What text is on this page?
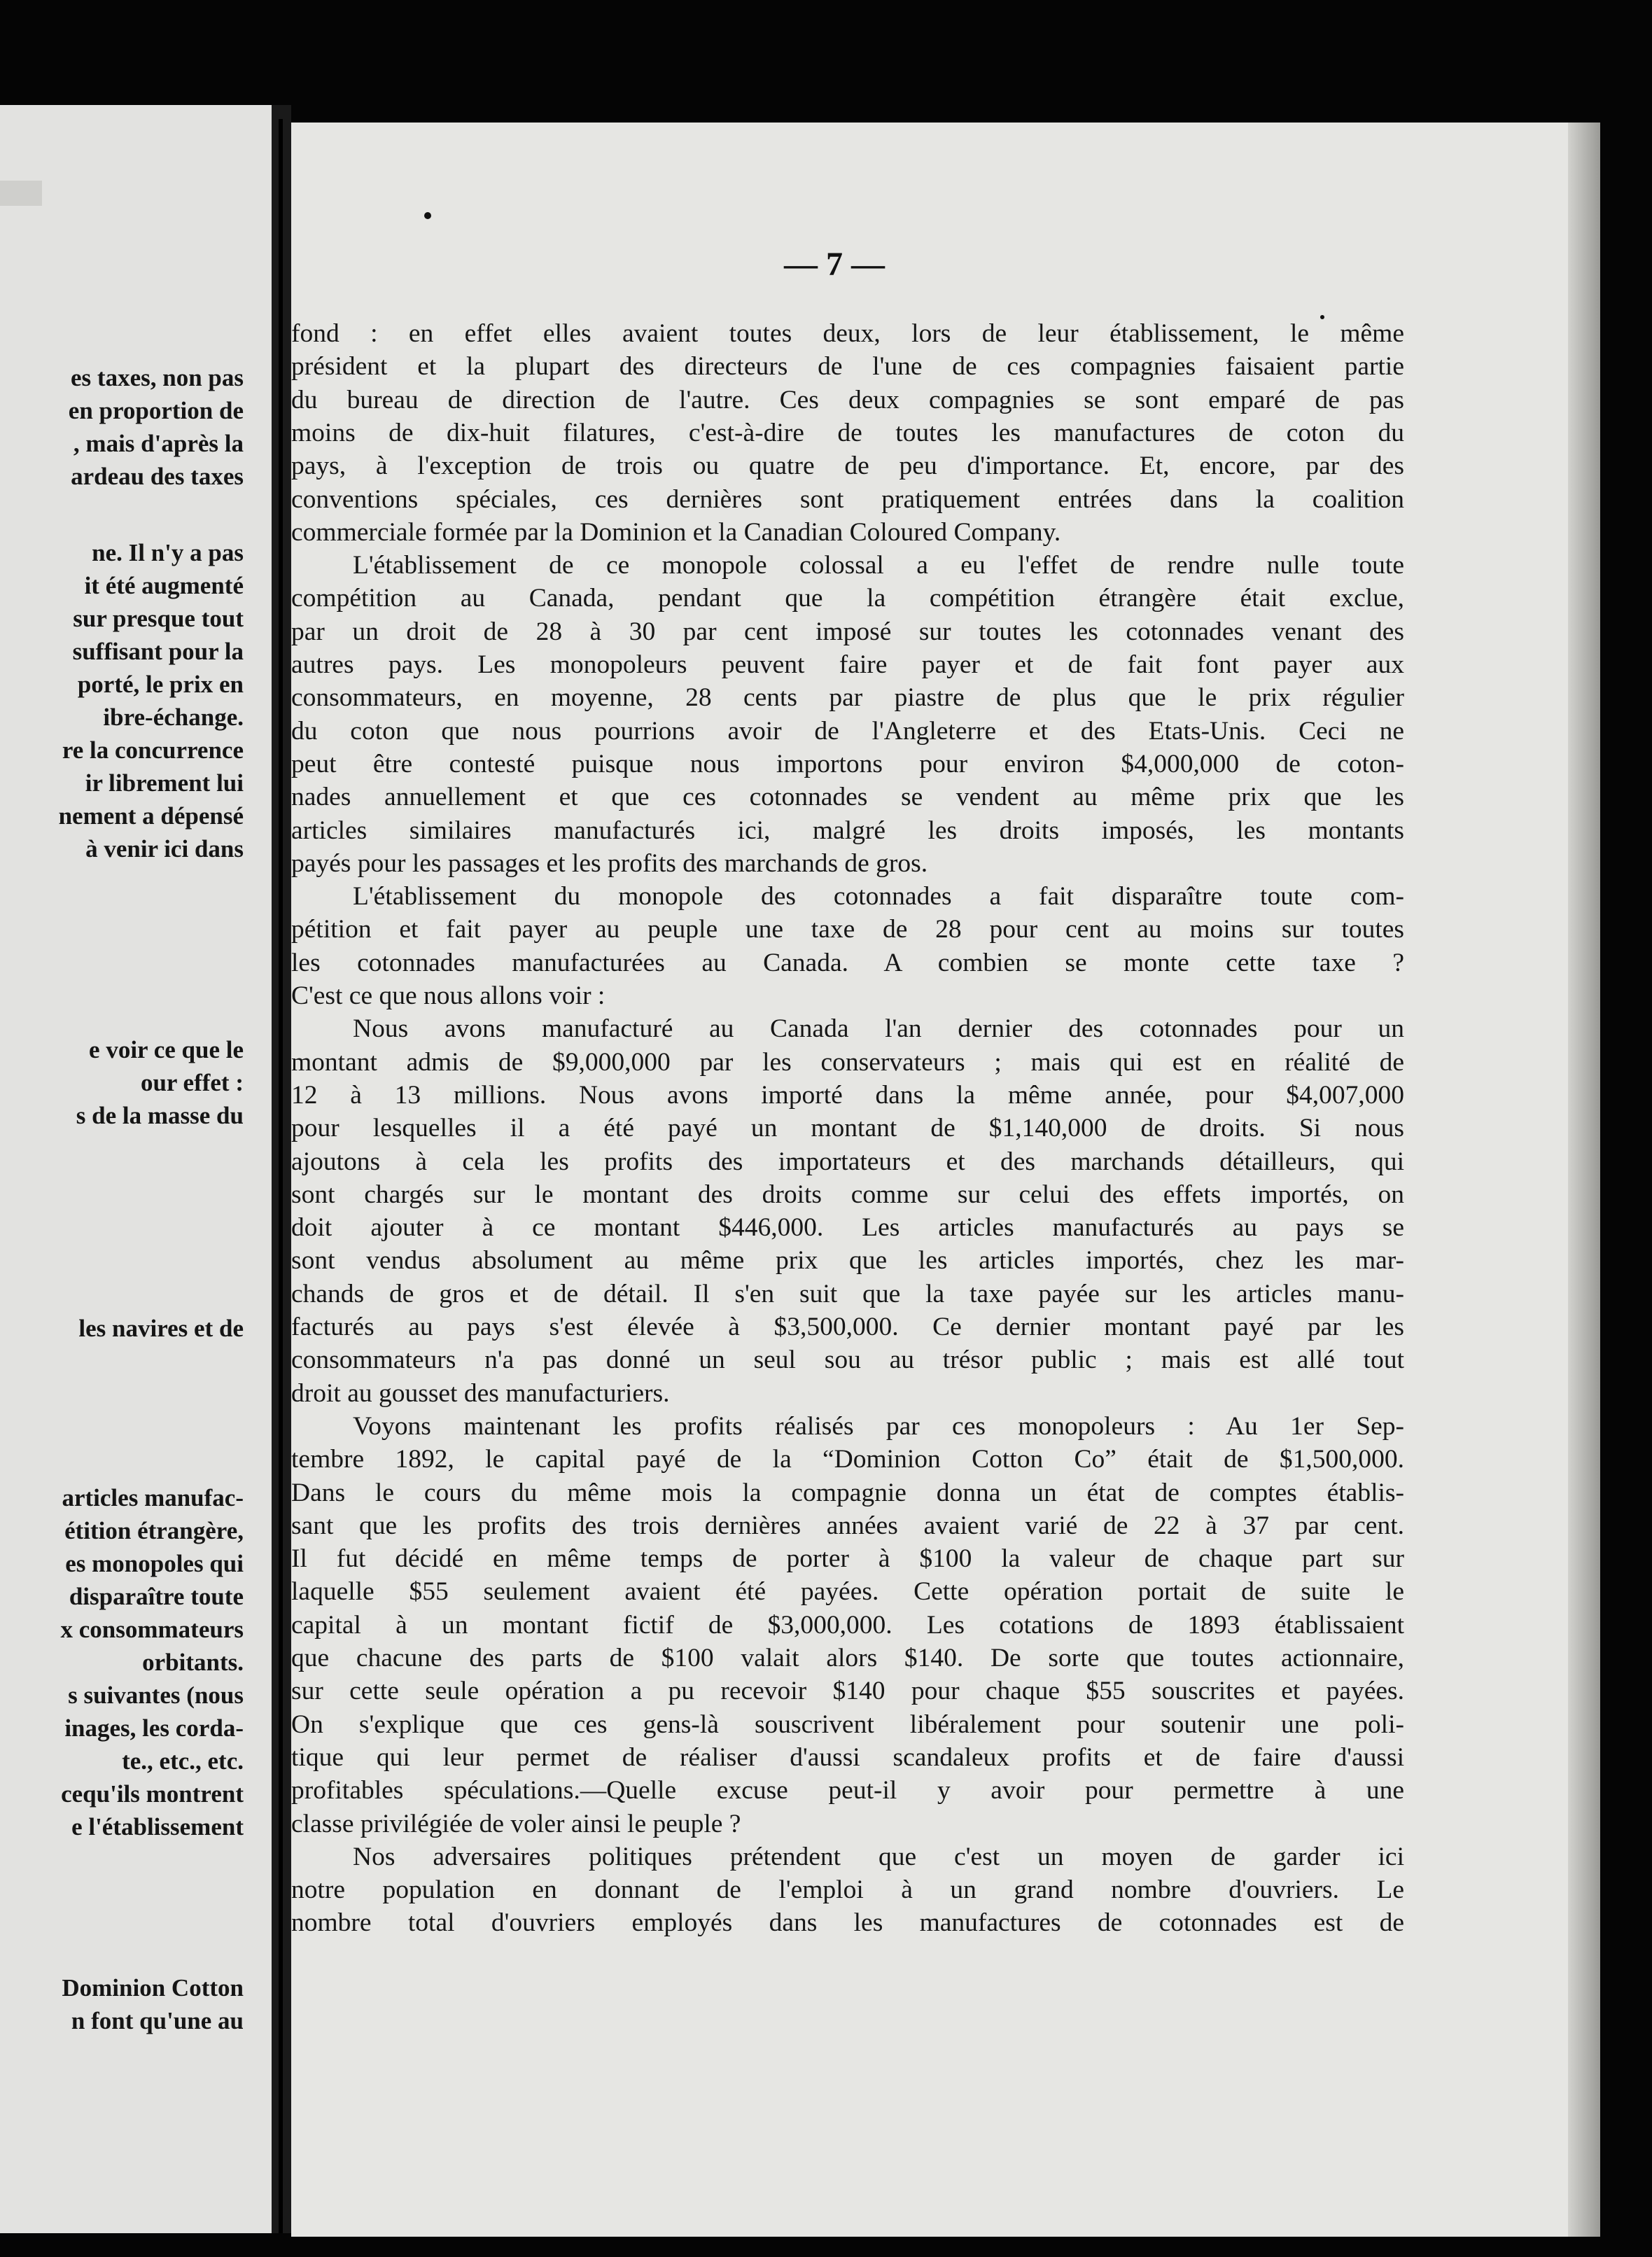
es taxes, non pas
en proportion de
, mais d'après la
ardeau des taxes
ne. Il n'y a pas
it été augmenté
sur presque tout
suffisant pour la
porté, le prix en
ibre-échange.
re la concurrence
ir librement lui
nement a dépensé
à venir ici dans
e voir ce que le
our effet :
s de la masse du
les navires et de
articles manufac-
étition étrangère,
es monopoles qui
disparaître toute
x consommateurs
orbitants.
s suivantes (nous
inages, les corda-
te., etc., etc.
cequ'ils montrent
e l'établissement
Dominion Cotton
n font qu'une au
fond : en effet elles avaient toutes deux, lors de leur établissement, le même
président et la plupart des directeurs de l'une de ces compagnies faisaient partie
du bureau de direction de l'autre. Ces deux compagnies se sont emparé de pas
moins de dix-huit filatures, c'est-à-dire de toutes les manufactures de coton du
pays, à l'exception de trois ou quatre de peu d'importance. Et, encore, par des
conventions spéciales, ces dernières sont pratiquement entrées dans la coalition
commerciale formée par la Dominion et la Canadian Coloured Company.
L'établissement de ce monopole colossal a eu l'effet de rendre nulle toute
compétition au Canada, pendant que la compétition étrangère était exclue,
par un droit de 28 à 30 par cent imposé sur toutes les cotonnades venant des
autres pays. Les monopoleurs peuvent faire payer et de fait font payer aux
consommateurs, en moyenne, 28 cents par piastre de plus que le prix régulier
du coton que nous pourrions avoir de l'Angleterre et des Etats-Unis. Ceci ne
peut être contesté puisque nous importons pour environ $4,000,000 de coton-
nades annuellement et que ces cotonnades se vendent au même prix que les
articles similaires manufacturés ici, malgré les droits imposés, les montants
payés pour les passages et les profits des marchands de gros.
L'établissement du monopole des cotonnades a fait disparaître toute com-
pétition et fait payer au peuple une taxe de 28 pour cent au moins sur toutes
les cotonnades manufacturées au Canada. A combien se monte cette taxe ?
C'est ce que nous allons voir :
Nous avons manufacturé au Canada l'an dernier des cotonnades pour un
montant admis de $9,000,000 par les conservateurs ; mais qui est en réalité de
12 à 13 millions. Nous avons importé dans la même année, pour $4,007,000
pour lesquelles il a été payé un montant de $1,140,000 de droits. Si nous
ajoutons à cela les profits des importateurs et des marchands détailleurs, qui
sont chargés sur le montant des droits comme sur celui des effets importés, on
doit ajouter à ce montant $446,000. Les articles manufacturés au pays se
sont vendus absolument au même prix que les articles importés, chez les mar-
chands de gros et de détail. Il s'en suit que la taxe payée sur les articles manu-
facturés au pays s'est élevée à $3,500,000. Ce dernier montant payé par les
consommateurs n'a pas donné un seul sou au trésor public ; mais est allé tout
droit au gousset des manufacturiers.
Voyons maintenant les profits réalisés par ces monopoleurs : Au 1er Sep-
tembre 1892, le capital payé de la “Dominion Cotton Co” était de $1,500,000.
Dans le cours du même mois la compagnie donna un état de comptes établis-
sant que les profits des trois dernières années avaient varié de 22 à 37 par cent.
Il fut décidé en même temps de porter à $100 la valeur de chaque part sur
laquelle $55 seulement avaient été payées. Cette opération portait de suite le
capital à un montant fictif de $3,000,000. Les cotations de 1893 établissaient
que chacune des parts de $100 valait alors $140. De sorte que toutes actionnaire,
sur cette seule opération a pu recevoir $140 pour chaque $55 souscrites et payées.
On s'explique que ces gens-là souscrivent libéralement pour soutenir une poli-
tique qui leur permet de réaliser d'aussi scandaleux profits et de faire d'aussi
profitables spéculations.—Quelle excuse peut-il y avoir pour permettre à une
classe privilégiée de voler ainsi le peuple ?
Nos adversaires politiques prétendent que c'est un moyen de garder ici
notre population en donnant de l'emploi à un grand nombre d'ouvriers. Le
nombre total d'ouvriers employés dans les manufactures de cotonnades est de
— 7 —
